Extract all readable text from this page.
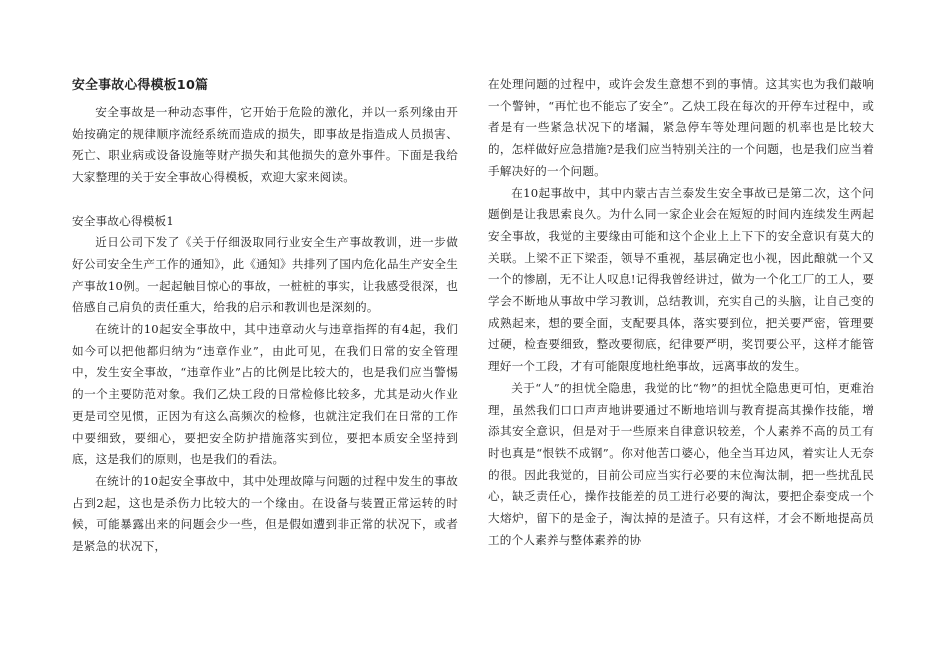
安全事故心得模板10篇

安全事故是一种动态事件，它开始于危险的激化，并以一系列缘由开始按确定的规律顺序流经系统而造成的损失，即事故是指造成人员损害、死亡、职业病或设备设施等财产损失和其他损失的意外事件。下面是我给大家整理的关于安全事故心得模板，欢迎大家来阅读。

安全事故心得模板1

近日公司下发了《关于仔细汲取同行业安全生产事故教训，进一步做好公司安全生产工作的通知》，此《通知》共排列了国内危化品生产安全生产事故10例。一起起触目惊心的事故，一桩桩的事实，让我感受很深，也倍感自己肩负的责任重大，给我的启示和教训也是深刻的。

在统计的10起安全事故中，其中违章动火与违章指挥的有4起，我们如今可以把他都归纳为“违章作业”，由此可见，在我们日常的安全管理中，发生安全事故，“违章作业”占的比例是比较大的，也是我们应当警惕的一个主要防范对象。我们乙炔工段的日常检修比较多，尤其是动火作业更是司空见惯，正因为有这么高频次的检修，也就注定我们在日常的工作中要细致，要细心，要把安全防护措施落实到位，要把本质安全坚持到底，这是我们的原则，也是我们的看法。

在统计的10起安全事故中，其中处理故障与问题的过程中发生的事故占到2起，这也是杀伤力比较大的一个缘由。在设备与装置正常运转的时候，可能暴露出来的问题会少一些，但是假如遭到非正常的状况下，或者是紧急的状况下，

在处理问题的过程中，或许会发生意想不到的事情。这其实也为我们敲响一个警钟，“再忙也不能忘了安全”。乙炔工段在每次的开停车过程中，或者是有一些紧急状况下的堵漏，紧急停车等处理问题的机率也是比较大的，怎样做好应急措施?是我们应当特别关注的一个问题，也是我们应当着手解决好的一个问题。

在10起事故中，其中内蒙古吉兰泰发生安全事故已是第二次，这个问题倒是让我思索良久。为什么同一家企业会在短短的时间内连续发生两起安全事故，我觉的主要缘由可能和这个企业上上下下的安全意识有莫大的关联。上梁不正下梁歪，领导不重视，基层确定也小视，因此酿就一个又一个的惨剧，无不让人叹息!记得我曾经讲过，做为一个化工厂的工人，要学会不断地从事故中学习教训，总结教训，充实自己的头脑，让自己变的成熟起来，想的要全面，支配要具体，落实要到位，把关要严密，管理要过硬，检查要细致，整改要彻底，纪律要严明，奖罚要公平，这样才能管理好一个工段，才有可能限度地杜绝事故，远离事故的发生。

关于“人”的担忧全隐患，我觉的比“物”的担忧全隐患更可怕，更难治理，虽然我们口口声声地讲要通过不断地培训与教育提高其操作技能，增添其安全意识，但是对于一些原来自律意识较差，个人素养不高的员工有时也真是“恨铁不成钢”。你对他苦口婆心，他全当耳边风，着实让人无奈的很。因此我觉的，目前公司应当实行必要的末位淘汰制，把一些扰乱民心，缺乏责任心，操作技能差的员工进行必要的淘汰，要把企泰变成一个大熔炉，留下的是金子，淘汰掉的是渣子。只有这样，才会不断地提高员工的个人素养与整体素养的协
